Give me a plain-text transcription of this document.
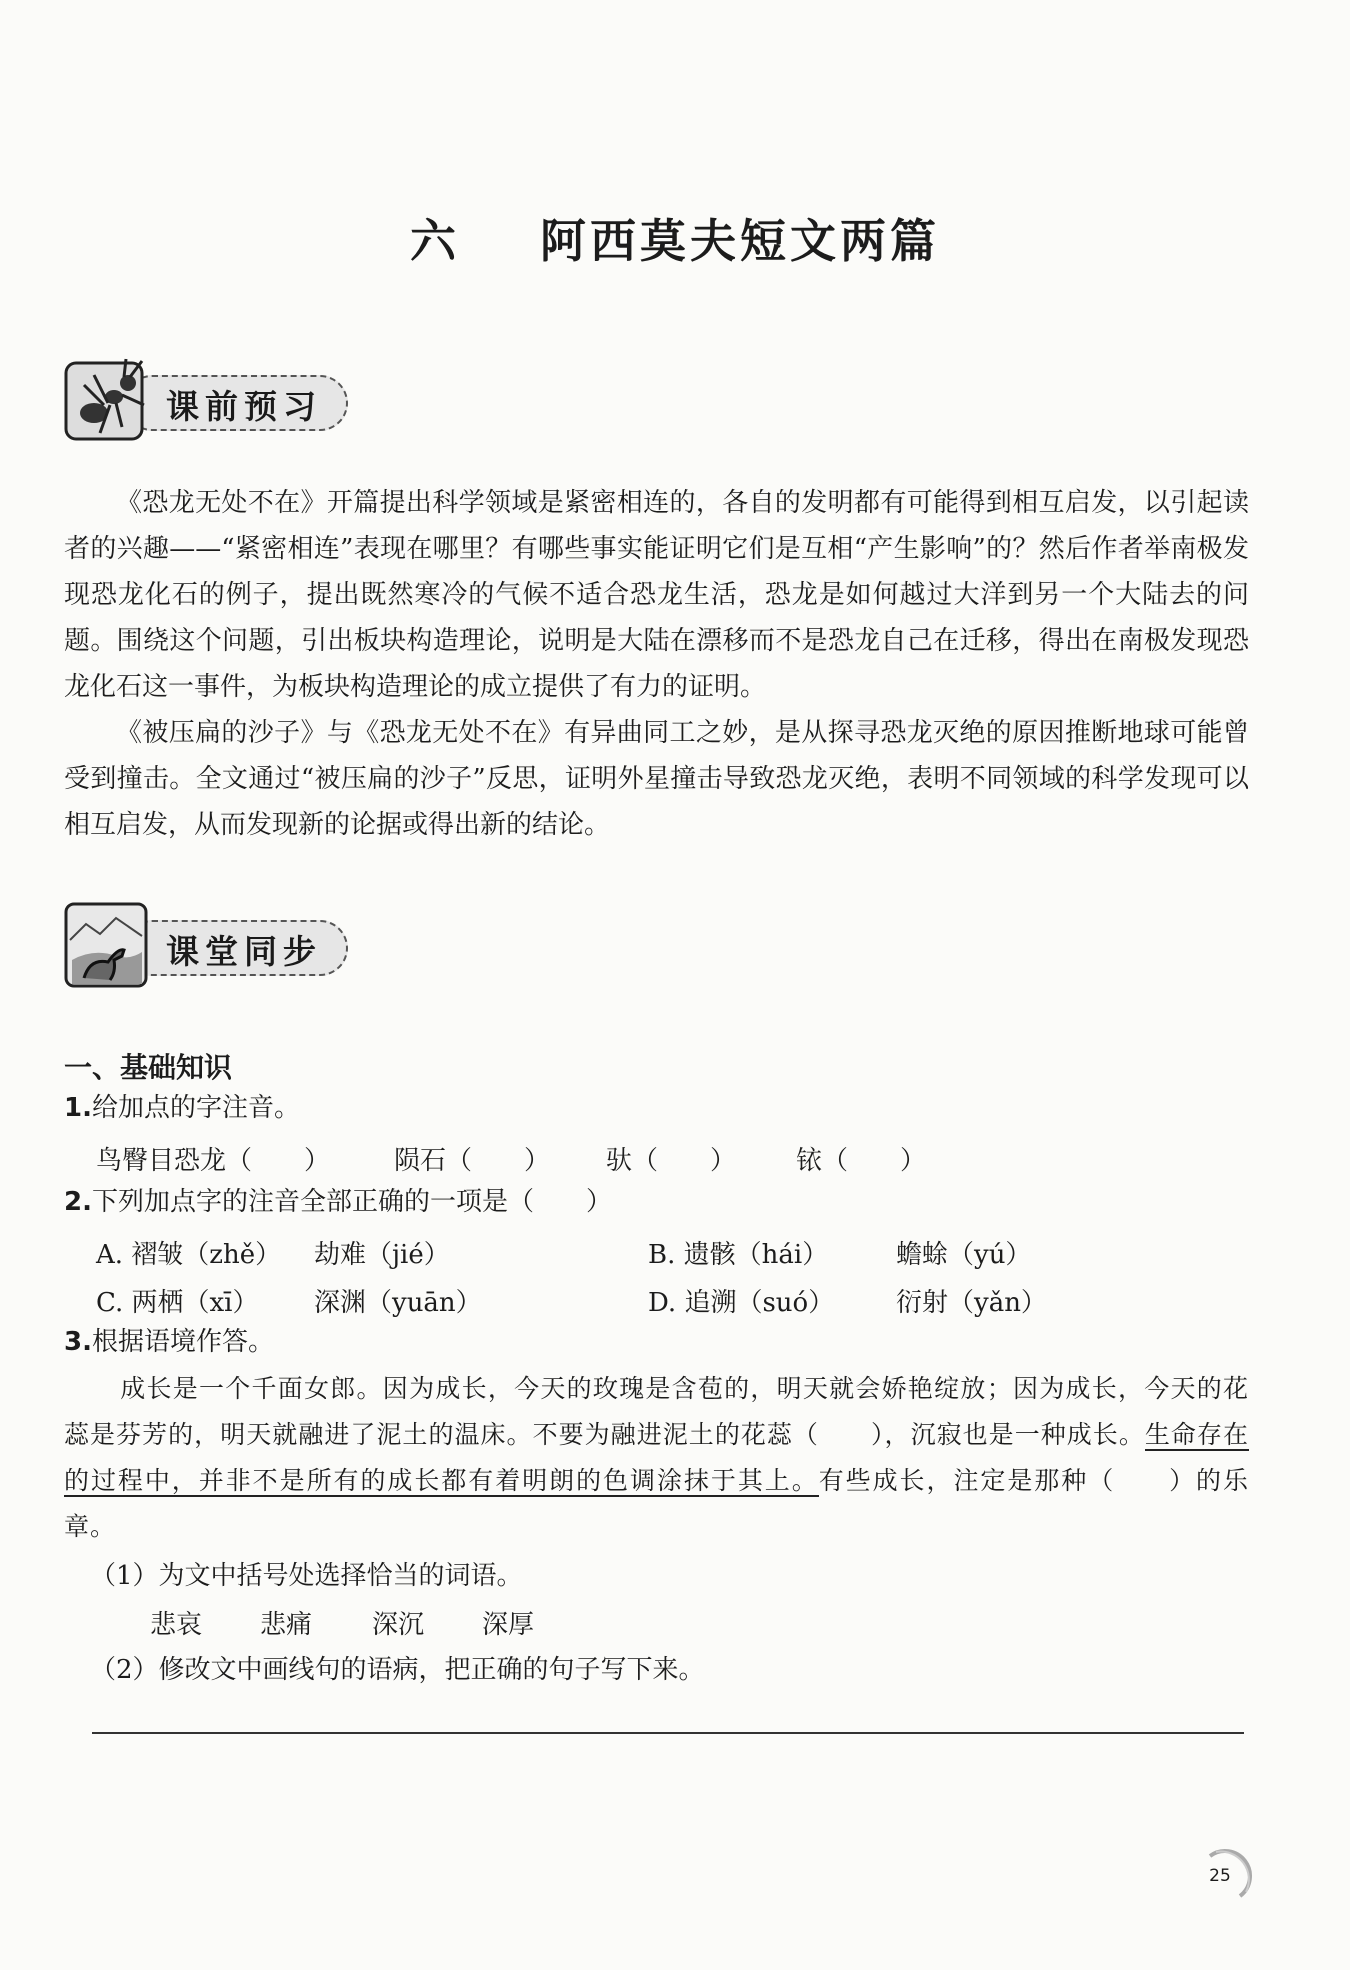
六    阿西莫夫短文两篇
课前预习
《恐龙无处不在》开篇提出科学领域是紧密相连的，各自的发明都有可能得到相互启发，以引起读者的兴趣——“紧密相连”表现在哪里？有哪些事实能证明它们是互相“产生影响”的？然后作者举南极发现恐龙化石的例子，提出既然寒冷的气候不适合恐龙生活，恐龙是如何越过大洋到另一个大陆去的问题。围绕这个问题，引出板块构造理论，说明是大陆在漂移而不是恐龙自己在迁移，得出在南极发现恐龙化石这一事件，为板块构造理论的成立提供了有力的证明。
《被压扁的沙子》与《恐龙无处不在》有异曲同工之妙，是从探寻恐龙灭绝的原因推断地球可能曾受到撞击。全文通过“被压扁的沙子”反思，证明外星撞击导致恐龙灭绝，表明不同领域的科学发现可以相互启发，从而发现新的论据或得出新的结论。
课堂同步
一、基础知识
1.给加点的字注音。
鸟臀目恐龙（　　） 陨石（　　） 驮（　　） 铱（　　）
2.下列加点字的注音全部正确的一项是（　　）
A. 褶皱（zhě） 劫难（jié）	B. 遗骸（hái）	蟾蜍（yú）
C. 两栖（xī） 深渊（yuān）	D. 追溯（suó） 衍射（yǎn）
3.根据语境作答。
成长是一个千面女郎。因为成长，今天的玫瑰是含苞的，明天就会娇艳绽放；因为成长，今天的花蕊是芬芳的，明天就融进了泥土的温床。不要为融进泥土的花蕊（　　），沉寂也是一种成长。生命存在的过程中，并非不是所有的成长都有着明朗的色调涂抹于其上。有些成长，注定是那种（　　）的乐章。
（1）为文中括号处选择恰当的词语。
悲哀 悲痛 深沉 深厚
（2）修改文中画线句的语病，把正确的句子写下来。
25
